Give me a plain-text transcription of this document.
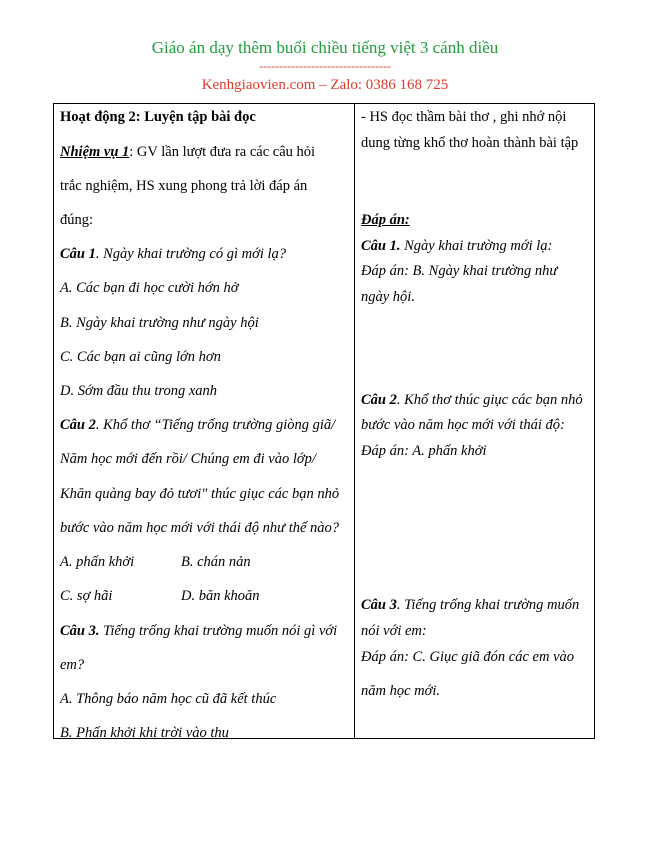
Giáo án dạy thêm buổi chiều tiếng việt 3 cánh diều
---------------------------------
Kenhgiaovien.com – Zalo: 0386 168 725
Hoạt động 2: Luyện tập bài đọc
Nhiệm vụ 1: GV lần lượt đưa ra các câu hỏi
trắc nghiệm, HS xung phong trả lời đáp án
đúng:
Câu 1. Ngày khai trường có gì mới lạ?
A. Các bạn đi học cười hớn hở
B. Ngày khai trường như ngày hội
C. Các bạn ai cũng lớn hơn
D. Sớm đầu thu trong xanh
Câu 2. Khổ thơ “Tiếng trống trường giòng giã/
Năm học mới đến rồi/ Chúng em đi vào lớp/
Khăn quàng bay đỏ tươi" thúc giục các bạn nhỏ
bước vào năm học mới với thái độ như thế nào?
A. phấn khởi	B. chán nản
C. sợ hãi	D. băn khoăn
Câu 3. Tiếng trống khai trường muốn nói gì với
em?
A. Thông báo năm học cũ đã kết thúc
B. Phấn khởi khi trời vào thu
- HS đọc thầm bài thơ , ghi nhớ nội
dung từng khổ thơ hoàn thành bài tập
Đáp án:
Câu 1. Ngày khai trường mới lạ:
Đáp án: B. Ngày khai trường như
ngày hội.
Câu 2. Khổ thơ thúc giục các bạn nhỏ
bước vào năm học mới với thái độ:
Đáp án: A. phấn khởi
Câu 3. Tiếng trống khai trường muốn
nói với em:
Đáp án: C. Giục giã đón các em vào
năm học mới.
